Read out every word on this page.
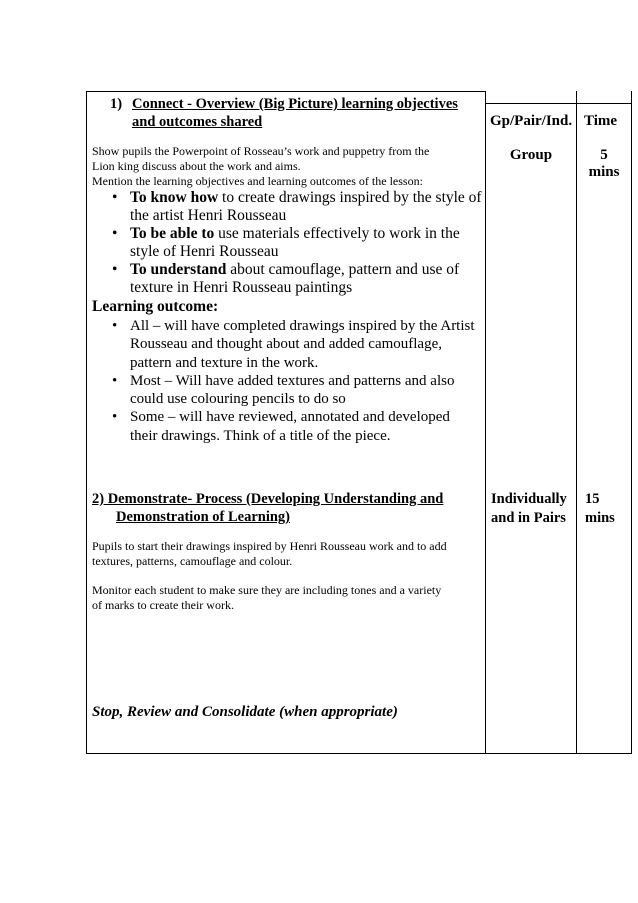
1) Connect - Overview (Big Picture) learning objectives
and outcomes shared
Show pupils the Powerpoint of Rosseau’s work and puppetry from the
Lion king discuss about the work and aims.
Mention the learning objectives and learning outcomes of the lesson:
• To know how to create drawings inspired by the style of
the artist Henri Rousseau
• To be able to use materials effectively to work in the
style of Henri Rousseau
• To understand about camouflage, pattern and use of
texture in Henri Rousseau paintings
Learning outcome:
• All – will have completed drawings inspired by the Artist
Rousseau and thought about and added camouflage,
pattern and texture in the work.
• Most – Will have added textures and patterns and also
could use colouring pencils to do so
• Some – will have reviewed, annotated and developed
their drawings. Think of a title of the piece.
Gp/Pair/Ind. Time
Group	5
mins
2) Demonstrate- Process (Developing Understanding and
Demonstration of Learning)
Pupils to start their drawings inspired by Henri Rousseau work and to add
textures, patterns, camouflage and colour.
Monitor each student to make sure they are including tones and a variety
of marks to create their work.
Individually
and in Pairs
15
mins
Stop, Review and Consolidate (when appropriate)
